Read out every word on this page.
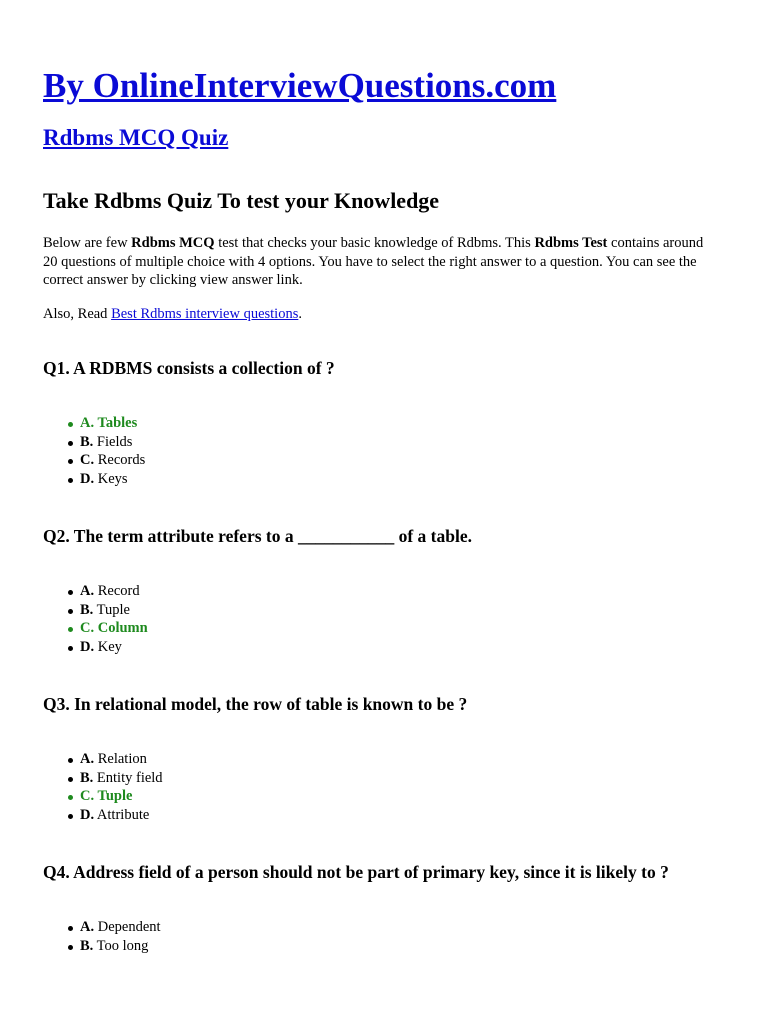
By OnlineInterviewQuestions.com
Rdbms MCQ Quiz
Take Rdbms Quiz To test your Knowledge

Below are few Rdbms MCQ test that checks your basic knowledge of Rdbms. This Rdbms Test contains around 20 questions of multiple choice with 4 options. You have to select the right answer to a question. You can see the correct answer by clicking view answer link.

Also, Read Best Rdbms interview questions.

Q1. A RDBMS consists a collection of ?
A. Tables
B. Fields
C. Records
D. Keys
Q2. The term attribute refers to a ___________ of a table.
A. Record
B. Tuple
C. Column
D. Key
Q3. In relational model, the row of table is known to be ?
A. Relation
B. Entity field
C. Tuple
D. Attribute
Q4. Address field of a person should not be part of primary key, since it is likely to ?
A. Dependent
B. Too long
